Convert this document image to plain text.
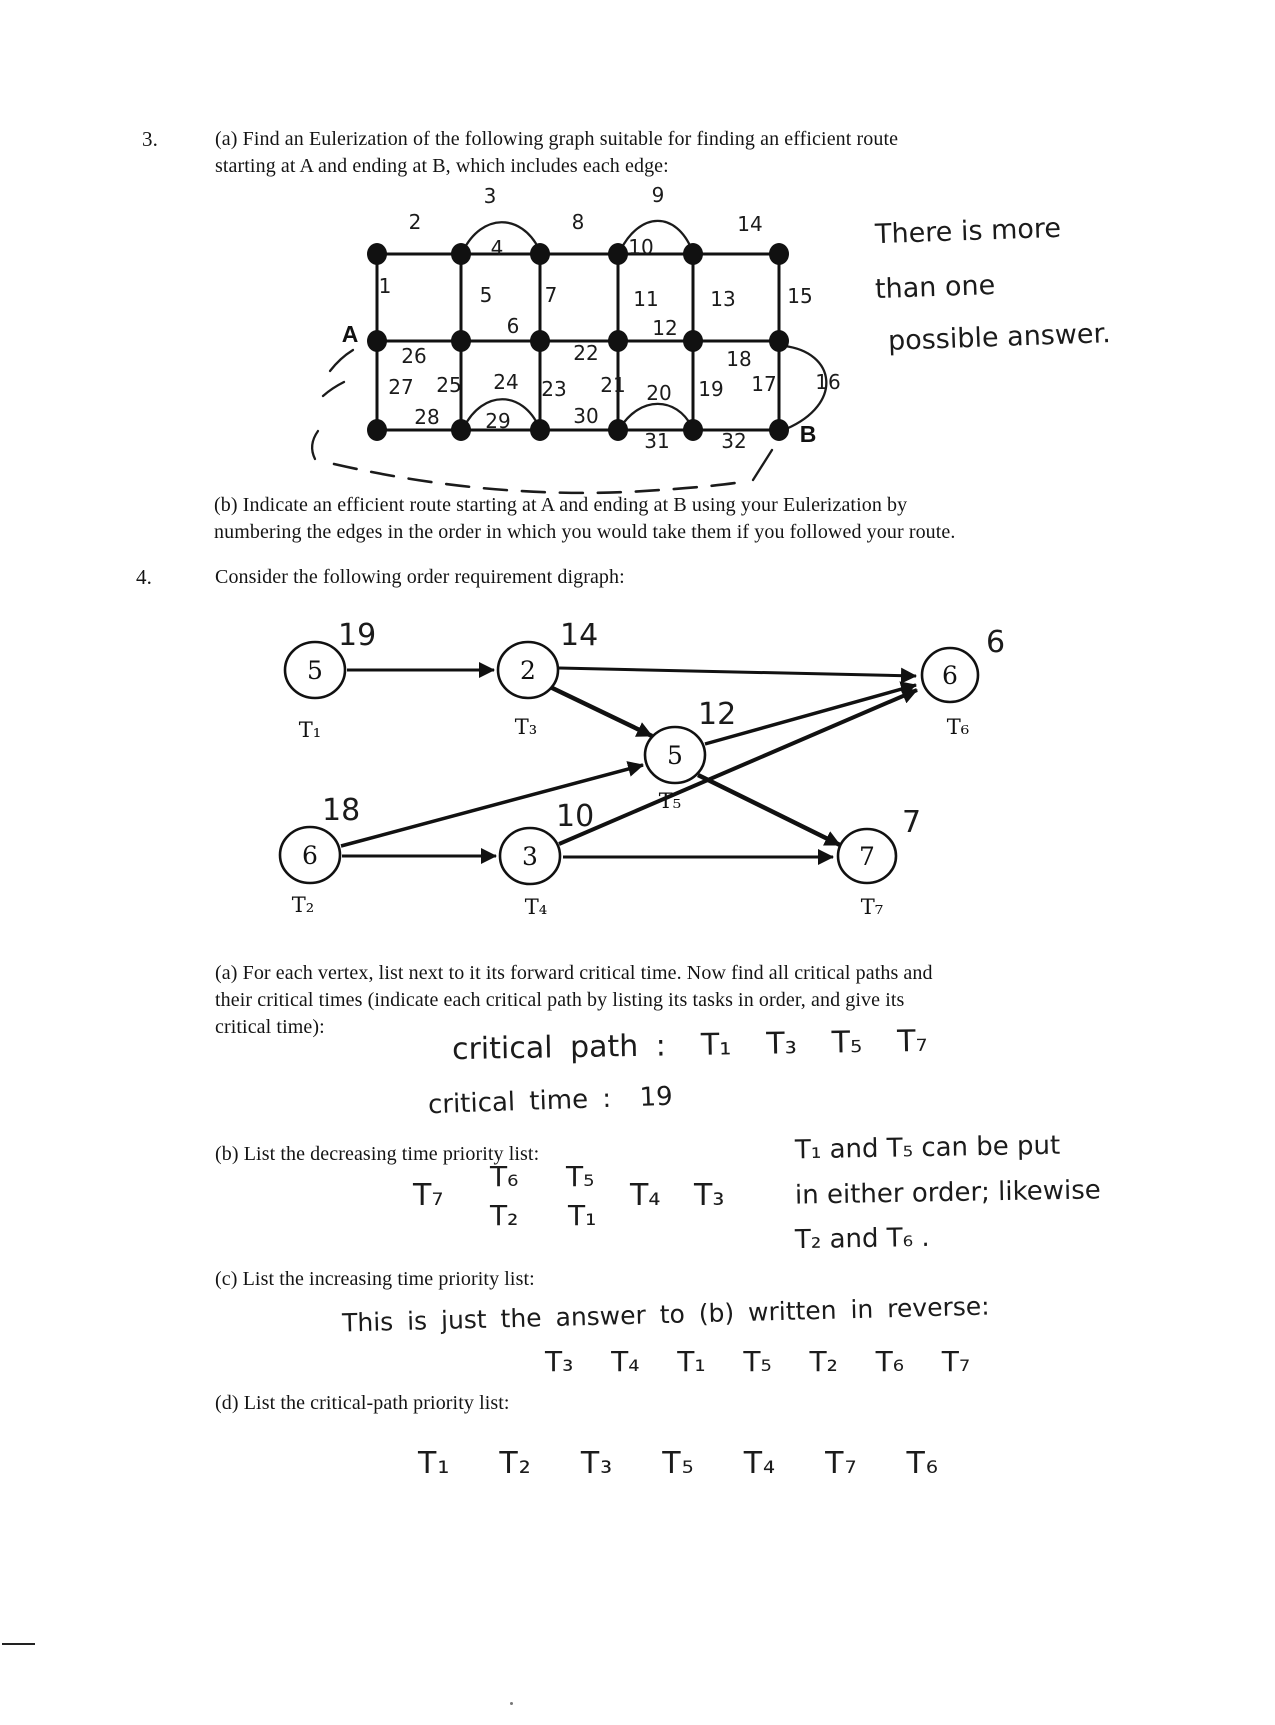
3.	(a) Find an Eulerization of the following graph suitable for finding an efficient route
starting at A and ending at B, which includes each edge:
A
B
1
2
3
4
5
6
7
8
9
10
11
12
13
14
15
16
17
18
19
20
21
22
23
24
25
26
27
28 29	30
31	32
There is more
than one
possible answer.
(b) Indicate an efficient route starting at A and ending at B using your Eulerization by
numbering the edges in the order in which you would take them if you followed your route.
4.	Consider the following order requirement digraph:
5
6
2
3
5
6
7
T₁
T₂
T₃
T₄
T₅
T₆
T₇
19
18
14
10
12
6
7
(a) For each vertex, list next to it its forward critical time. Now find all critical paths and
their critical times (indicate each critical path by listing its tasks in order, and give its
critical time):	critical path :  T₁  T₃  T₅  T₇
critical time :  19
(b) List the decreasing time priority list:
T₇
T₆
T₂
T₅
T₁
T₄ T₃
T₁ and T₅ can be put
in either order; likewise
T₂ and T₆ .
(c) List the increasing time priority list:
This is just the answer to (b) written in reverse:
T₃  T₄  T₁  T₅  T₂  T₆  T₇
(d) List the critical-path priority list:
T₁  T₂  T₃  T₅  T₄  T₇  T₆
